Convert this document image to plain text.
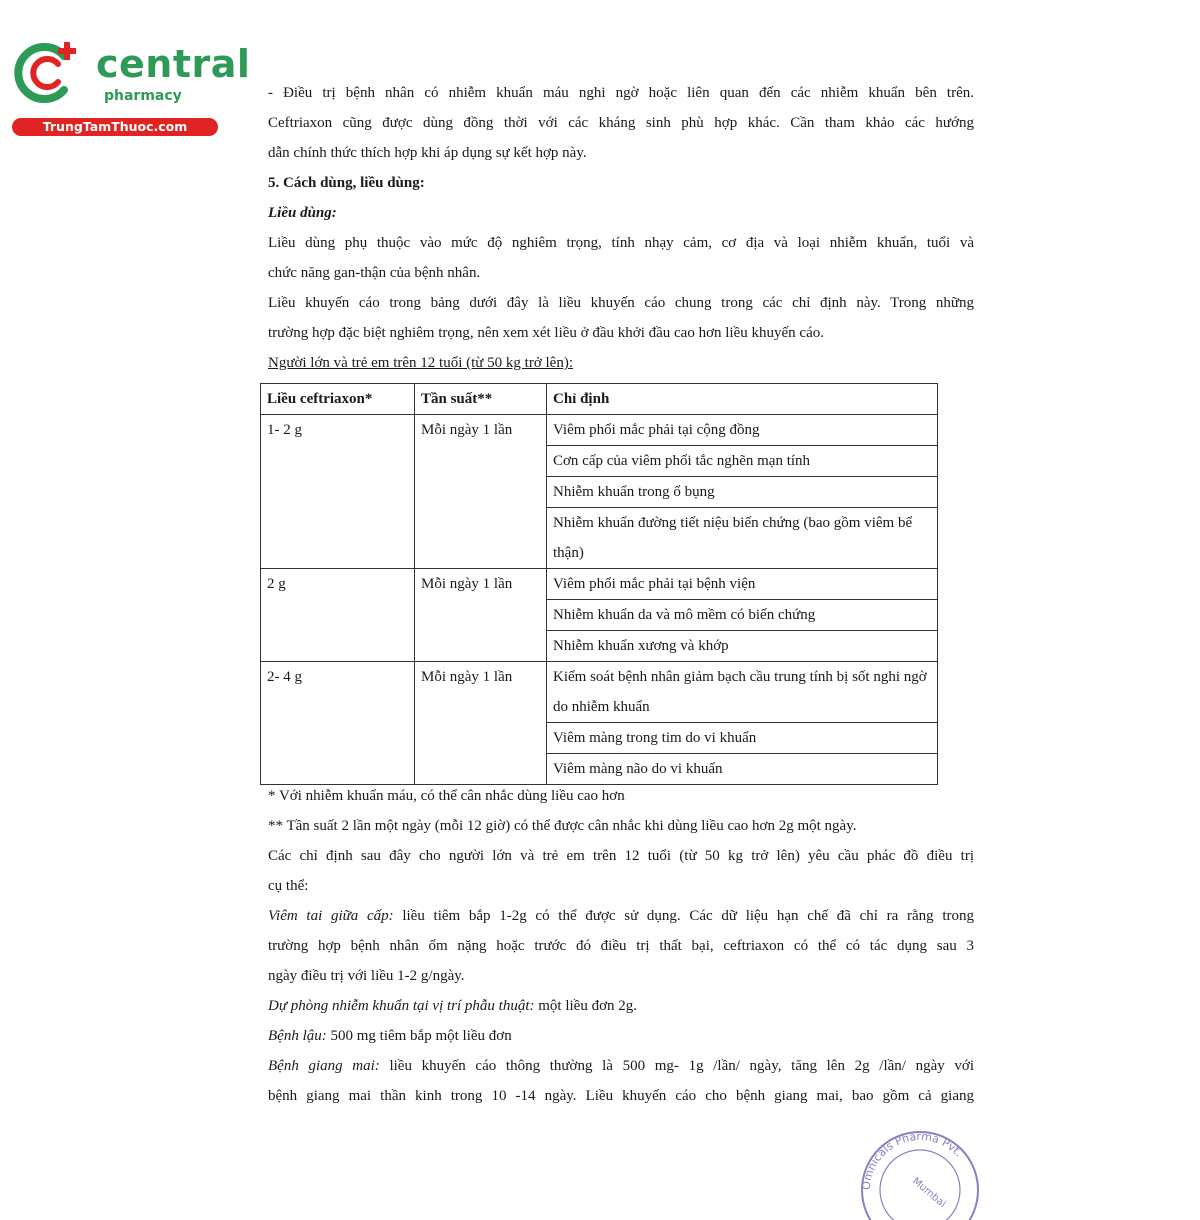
central
pharmacy
TrungTamThuoc.com
- Điều trị bệnh nhân có nhiễm khuẩn máu nghi ngờ hoặc liên quan đến các nhiễm khuẩn bên trên.
Ceftriaxon cũng được dùng đồng thời với các kháng sinh phù hợp khác. Cần tham khảo các hướng
dẫn chính thức thích hợp khi áp dụng sự kết hợp này.
5. Cách dùng, liều dùng:
Liều dùng:
Liều dùng phụ thuộc vào mức độ nghiêm trọng, tính nhạy cảm, cơ địa và loại nhiễm khuẩn, tuổi và
chức năng gan-thận của bệnh nhân.
Liều khuyến cáo trong bảng dưới đây là liều khuyến cáo chung trong các chỉ định này. Trong những
trường hợp đặc biệt nghiêm trọng, nên xem xét liều ở đầu khởi đầu cao hơn liều khuyến cáo.
Người lớn và trẻ em trên 12 tuổi (từ 50 kg trở lên):
Liều ceftriaxon*	Tần suất**	Chỉ định
1- 2 g	Mỗi ngày 1 lần	Viêm phổi mắc phải tại cộng đồng
		Cơn cấp của viêm phổi tắc nghẽn mạn tính
		Nhiễm khuẩn trong ổ bụng
		Nhiễm khuẩn đường tiết niệu biến chứng (bao gồm viêm bể thận)
2 g	Mỗi ngày 1 lần	Viêm phổi mắc phải tại bệnh viện
		Nhiễm khuẩn da và mô mềm có biến chứng
		Nhiễm khuẩn xương và khớp
2- 4 g	Mỗi ngày 1 lần	Kiểm soát bệnh nhân giảm bạch cầu trung tính bị sốt nghi ngờ do nhiễm khuẩn
		Viêm màng trong tim do vi khuẩn
		Viêm màng não do vi khuẩn
* Với nhiễm khuẩn máu, có thể cân nhắc dùng liều cao hơn
** Tần suất 2 lần một ngày (mỗi 12 giờ) có thể được cân nhắc khi dùng liều cao hơn 2g một ngày.
Các chỉ định sau đây cho người lớn và trẻ em trên 12 tuổi (từ 50 kg trở lên) yêu cầu phác đồ điều trị
cụ thể:
Viêm tai giữa cấp: liều tiêm bắp 1-2g có thể được sử dụng. Các dữ liệu hạn chế đã chỉ ra rằng trong
trường hợp bệnh nhân ốm nặng hoặc trước đó điều trị thất bại, ceftriaxon có thể có tác dụng sau 3
ngày điều trị với liều 1-2 g/ngày.
Dự phòng nhiễm khuẩn tại vị trí phẫu thuật: một liều đơn 2g.
Bệnh lậu: 500 mg tiêm bắp một liều đơn
Bệnh giang mai: liều khuyến cáo thông thường là 500 mg- 1g /lần/ ngày, tăng lên 2g /lần/ ngày với
bệnh giang mai thần kinh trong 10 -14 ngày. Liều khuyến cáo cho bệnh giang mai, bao gồm cả giang
Omnicals Pharma Pvt.
Mumbai
